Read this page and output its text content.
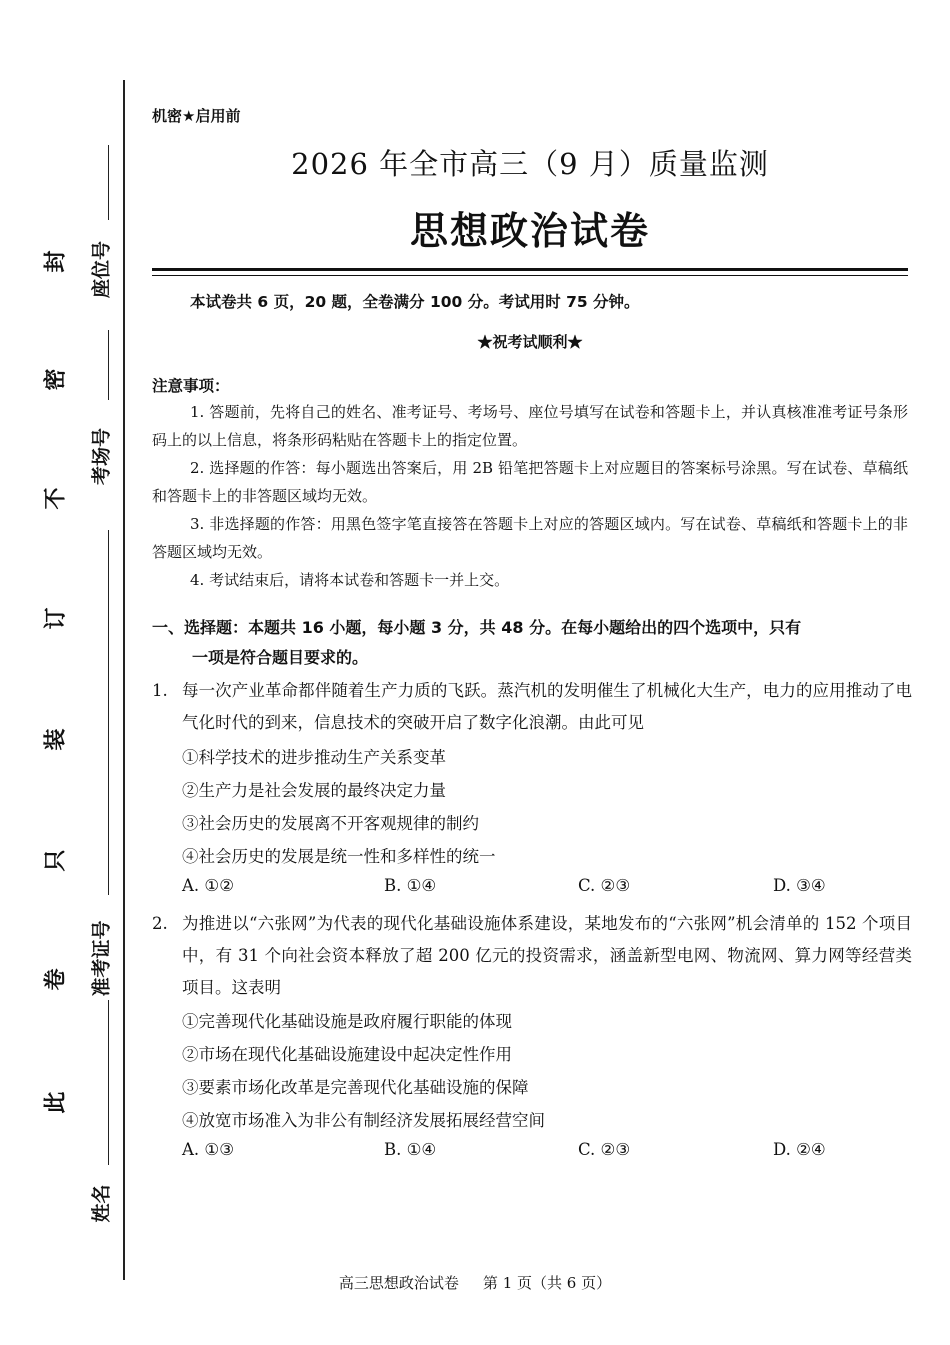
封
密
不
订
装
只
卷
此
座位号
考场号
准考证号
姓名
机密★启用前
2026 年全市高三（9 月）质量监测
思想政治试卷
本试卷共 6 页，20 题，全卷满分 100 分。考试用时 75 分钟。
★祝考试顺利★
注意事项：

1. 答题前，先将自己的姓名、准考证号、考场号、座位号填写在试卷和答题卡上，并认真核准准考证号条形码上的以上信息，将条形码粘贴在答题卡上的指定位置。

2. 选择题的作答：每小题选出答案后，用 2B 铅笔把答题卡上对应题目的答案标号涂黑。写在试卷、草稿纸和答题卡上的非答题区域均无效。

3. 非选择题的作答：用黑色签字笔直接答在答题卡上对应的答题区域内。写在试卷、草稿纸和答题卡上的非答题区域均无效。

4. 考试结束后，请将本试卷和答题卡一并上交。

一、选择题：本题共 16 小题，每小题 3 分，共 48 分。在每小题给出的四个选项中，只有
一项是符合题目要求的。
1. 每一次产业革命都伴随着生产力质的飞跃。蒸汽机的发明催生了机械化大生产，电力的应用推动了电气化时代的到来，信息技术的突破开启了数字化浪潮。由此可见
①科学技术的进步推动生产关系变革
②生产力是社会发展的最终决定力量
③社会历史的发展离不开客观规律的制约
④社会历史的发展是统一性和多样性的统一
A. ①②	B. ①④	C. ②③	D. ③④
2. 为推进以“六张网”为代表的现代化基础设施体系建设，某地发布的“六张网”机会清单的 152 个项目中，有 31 个向社会资本释放了超 200 亿元的投资需求，涵盖新型电网、物流网、算力网等经营类项目。这表明
①完善现代化基础设施是政府履行职能的体现
②市场在现代化基础设施建设中起决定性作用
③要素市场化改革是完善现代化基础设施的保障
④放宽市场准入为非公有制经济发展拓展经营空间
A. ①③	B. ①④	C. ②③	D. ②④
高三思想政治试卷 第 1 页（共 6 页）
